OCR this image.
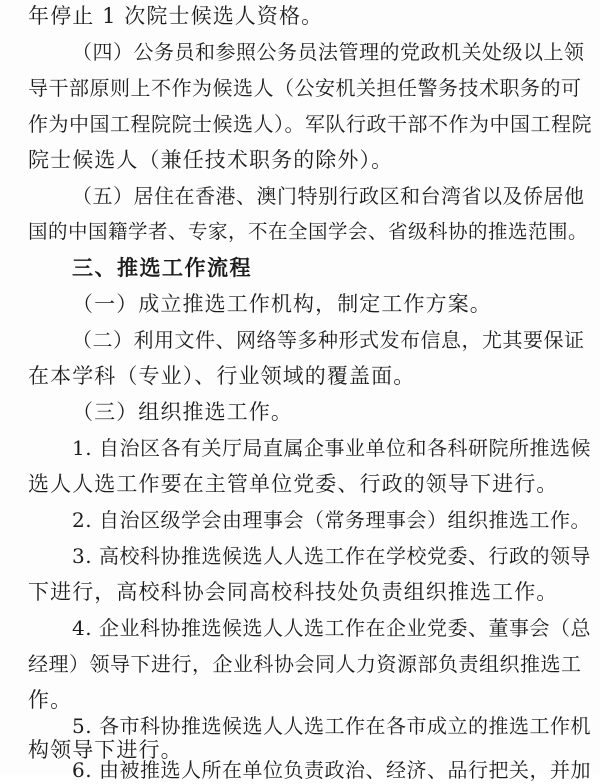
年停止 1 次院士候选人资格。
（四）公务员和参照公务员法管理的党政机关处级以上领
导干部原则上不作为候选人（公安机关担任警务技术职务的可
作为中国工程院院士候选人）。军队行政干部不作为中国工程院
院士候选人（兼任技术职务的除外）。
（五）居住在香港、澳门特别行政区和台湾省以及侨居他
国的中国籍学者、专家，不在全国学会、省级科协的推选范围。
三、推选工作流程
（一）成立推选工作机构，制定工作方案。
（二）利用文件、网络等多种形式发布信息，尤其要保证
在本学科（专业）、行业领域的覆盖面。
（三）组织推选工作。
1. 自治区各有关厅局直属企事业单位和各科研院所推选候
选人人选工作要在主管单位党委、行政的领导下进行。
2. 自治区级学会由理事会（常务理事会）组织推选工作。
3. 高校科协推选候选人人选工作在学校党委、行政的领导
下进行，高校科协会同高校科技处负责组织推选工作。
4. 企业科协推选候选人人选工作在企业党委、董事会（总
经理）领导下进行，企业科协会同人力资源部负责组织推选工
作。
5. 各市科协推选候选人人选工作在各市成立的推选工作机
构领导下进行。
6. 由被推选人所在单位负责政治、经济、品行把关，并加
